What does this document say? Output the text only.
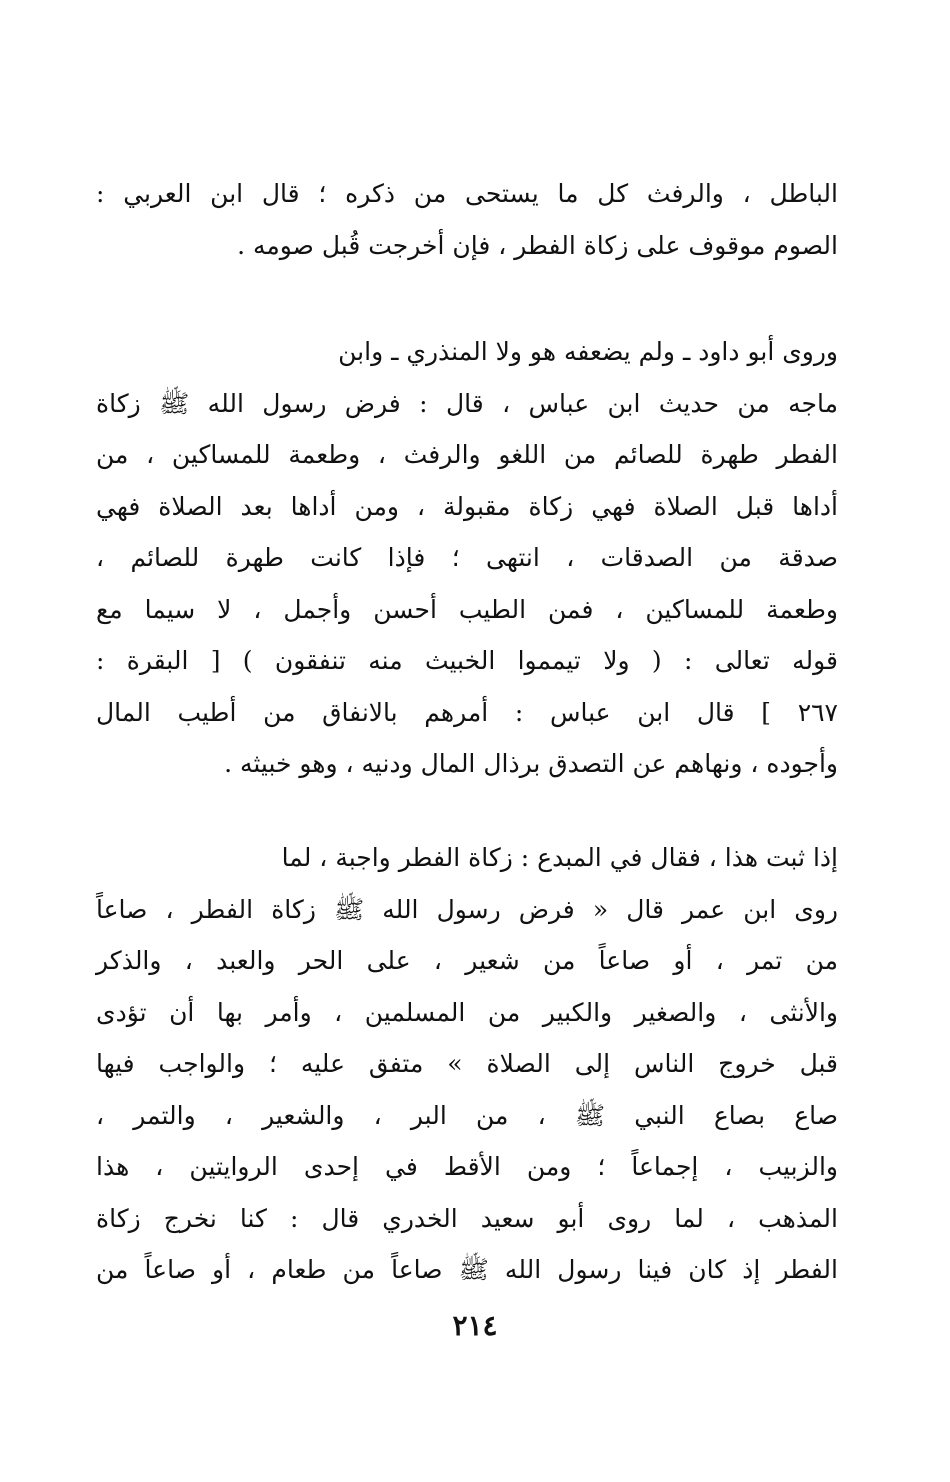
الباطل ، والرفث كل ما يستحى من ذكره ؛ قال ابن العربي :
الصوم موقوف على زكاة الفطر ، فإن أخرجت قُبل صومه .
وروى أبو داود ـ ولم يضعفه هو ولا المنذري ـ وابن
ماجه من حديث ابن عباس ، قال : فرض رسول الله ﷺ زكاة
الفطر طهرة للصائم من اللغو والرفث ، وطعمة للمساكين ، من
أداها قبل الصلاة فهي زكاة مقبولة ، ومن أداها بعد الصلاة فهي
صدقة من الصدقات ، انتهى ؛ فإذا كانت طهرة للصائم ،
وطعمة للمساكين ، فمن الطيب أحسن وأجمل ، لا سيما مع
قوله تعالى : ( ولا تيمموا الخبيث منه تنفقون ) [ البقرة :
٢٦٧ ] قال ابن عباس : أمرهم بالانفاق من أطيب المال
وأجوده ، ونهاهم عن التصدق برذال المال ودنيه ، وهو خبيثه .
إذا ثبت هذا ، فقال في المبدع : زكاة الفطر واجبة ، لما
روى ابن عمر قال « فرض رسول الله ﷺ زكاة الفطر ، صاعاً
من تمر ، أو صاعاً من شعير ، على الحر والعبد ، والذكر
والأنثى ، والصغير والكبير من المسلمين ، وأمر بها أن تؤدى
قبل خروج الناس إلى الصلاة » متفق عليه ؛ والواجب فيها
صاع بصاع النبي ﷺ ، من البر ، والشعير ، والتمر ،
والزبيب ، إجماعاً ؛ ومن الأقط في إحدى الروايتين ، هذا
المذهب ، لما روى أبو سعيد الخدري قال : كنا نخرج زكاة
الفطر إذ كان فينا رسول الله ﷺ صاعاً من طعام ، أو صاعاً من
٢١٤
